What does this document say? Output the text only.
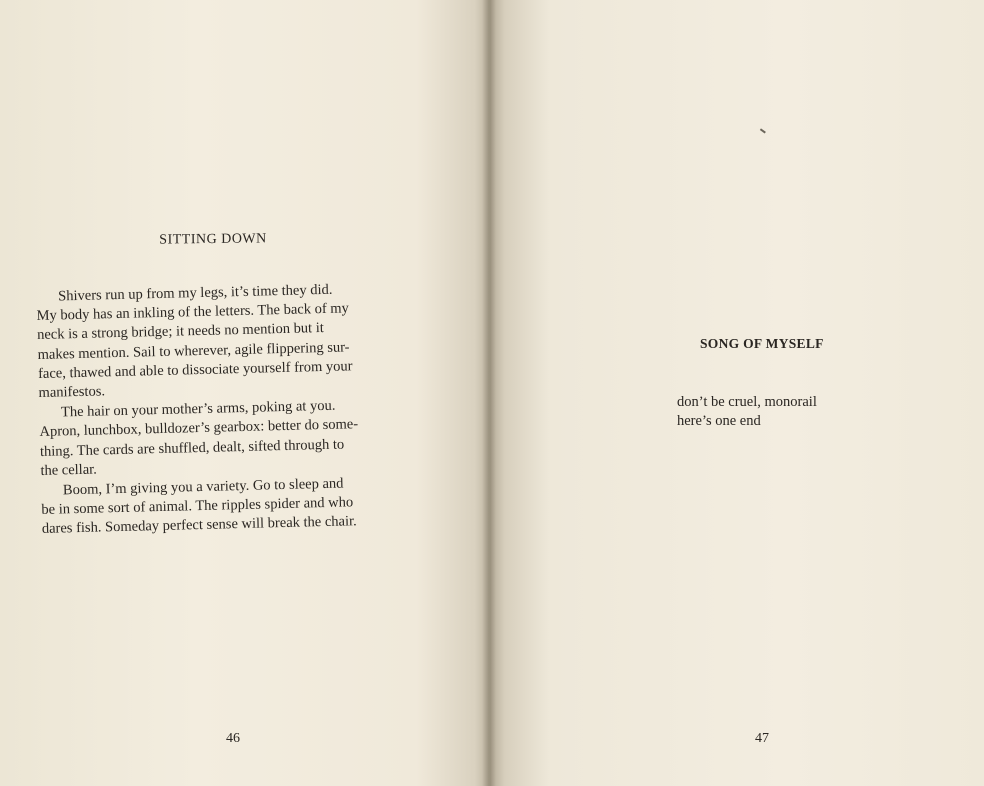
SITTING DOWN
Shivers run up from my legs, it’s time they did.
My body has an inkling of the letters. The back of my
neck is a strong bridge; it needs no mention but it
makes mention. Sail to wherever, agile flippering sur-
face, thawed and able to dissociate yourself from your
manifestos.
The hair on your mother’s arms, poking at you.
Apron, lunchbox, bulldozer’s gearbox: better do some-
thing. The cards are shuffled, dealt, sifted through to
the cellar.
Boom, I’m giving you a variety. Go to sleep and
be in some sort of animal. The ripples spider and who
dares fish. Someday perfect sense will break the chair.
46
SONG OF MYSELF
don’t be cruel, monorail
here’s one end
47
